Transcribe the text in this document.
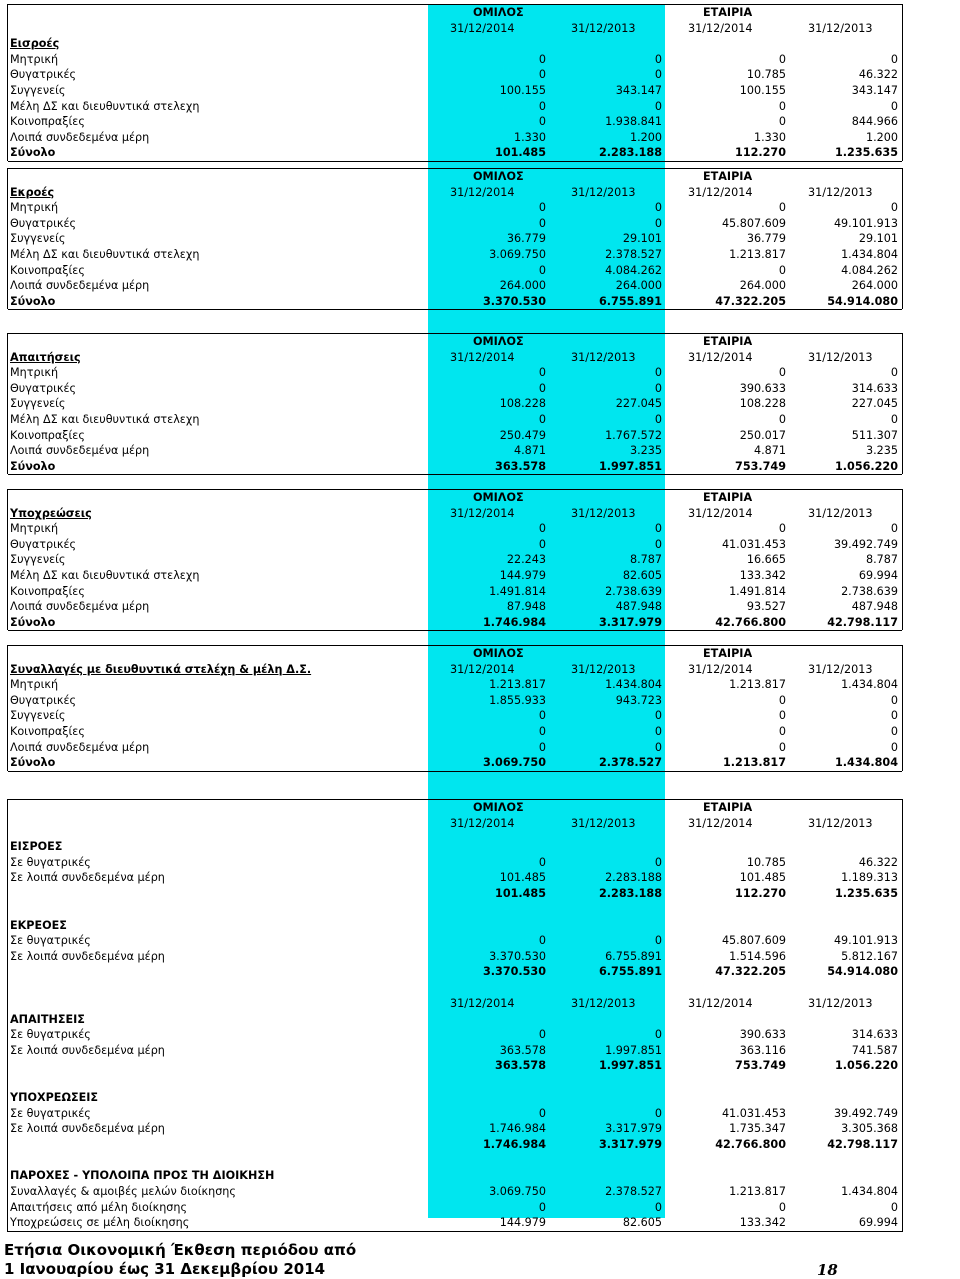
ΟΜΙΛΟΣ	ΕΤΑΙΡΙΑ
31/12/2014	31/12/2013	31/12/2014	31/12/2013
Εισροές
Μητρική	0	0	0	0
Θυγατρικές	0	0	10.785	46.322
Συγγενείς	100.155	343.147	100.155	343.147
Μέλη ΔΣ και διευθυντικά στελεχη	0	0	0	0
Κοινοπραξίες	0	1.938.841	0	844.966
Λοιπά συνδεδεμένα μέρη	1.330	1.200	1.330	1.200
Σύνολο	101.485	2.283.188	112.270	1.235.635
ΟΜΙΛΟΣ	ΕΤΑΙΡΙΑ
Εκροές	31/12/2014	31/12/2013	31/12/2014	31/12/2013
Μητρική	0	0	0	0
Θυγατρικές	0	0	45.807.609	49.101.913
Συγγενείς	36.779	29.101	36.779	29.101
Μέλη ΔΣ και διευθυντικά στελεχη	3.069.750	2.378.527	1.213.817	1.434.804
Κοινοπραξίες	0	4.084.262	0	4.084.262
Λοιπά συνδεδεμένα μέρη	264.000	264.000	264.000	264.000
Σύνολο	3.370.530	6.755.891	47.322.205	54.914.080
ΟΜΙΛΟΣ	ΕΤΑΙΡΙΑ
Απαιτήσεις	31/12/2014	31/12/2013	31/12/2014	31/12/2013
Μητρική	0	0	0	0
Θυγατρικές	0	0	390.633	314.633
Συγγενείς	108.228	227.045	108.228	227.045
Μέλη ΔΣ και διευθυντικά στελεχη	0	0	0	0
Κοινοπραξίες	250.479	1.767.572	250.017	511.307
Λοιπά συνδεδεμένα μέρη	4.871	3.235	4.871	3.235
Σύνολο	363.578	1.997.851	753.749	1.056.220
ΟΜΙΛΟΣ	ΕΤΑΙΡΙΑ
Υποχρεώσεις	31/12/2014	31/12/2013	31/12/2014	31/12/2013
Μητρική	0	0	0	0
Θυγατρικές	0	0	41.031.453	39.492.749
Συγγενείς	22.243	8.787	16.665	8.787
Μέλη ΔΣ και διευθυντικά στελεχη	144.979	82.605	133.342	69.994
Κοινοπραξίες	1.491.814	2.738.639	1.491.814	2.738.639
Λοιπά συνδεδεμένα μέρη	87.948	487.948	93.527	487.948
Σύνολο	1.746.984	3.317.979	42.766.800	42.798.117
ΟΜΙΛΟΣ	ΕΤΑΙΡΙΑ
Συναλλαγές με διευθυντικά στελέχη & μέλη Δ.Σ.	31/12/2014	31/12/2013	31/12/2014	31/12/2013
Μητρική	1.213.817	1.434.804	1.213.817	1.434.804
Θυγατρικές	1.855.933	943.723	0	0
Συγγενείς	0	0	0	0
Κοινοπραξίες	0	0	0	0
Λοιπά συνδεδεμένα μέρη	0	0	0	0
Σύνολο	3.069.750	2.378.527	1.213.817	1.434.804
ΟΜΙΛΟΣ	ΕΤΑΙΡΙΑ
31/12/2014	31/12/2013	31/12/2014	31/12/2013
ΕΙΣΡΟΕΣ
Σε θυγατρικές	0	0	10.785	46.322
Σε λοιπά συνδεδεμένα μέρη	101.485	2.283.188	101.485	1.189.313
101.485	2.283.188	112.270	1.235.635
ΕΚΡΕΟΕΣ
Σε θυγατρικές	0	0	45.807.609	49.101.913
Σε λοιπά συνδεδεμένα μέρη	3.370.530	6.755.891	1.514.596	5.812.167
3.370.530	6.755.891	47.322.205	54.914.080
31/12/2014	31/12/2013	31/12/2014	31/12/2013
ΑΠΑΙΤΗΣΕΙΣ
Σε θυγατρικές	0	0	390.633	314.633
Σε λοιπά συνδεδεμένα μέρη	363.578	1.997.851	363.116	741.587
363.578	1.997.851	753.749	1.056.220
ΥΠΟΧΡΕΩΣΕΙΣ
Σε θυγατρικές	0	0	41.031.453	39.492.749
Σε λοιπά συνδεδεμένα μέρη	1.746.984	3.317.979	1.735.347	3.305.368
1.746.984	3.317.979	42.766.800	42.798.117
ΠΑΡΟΧΕΣ - ΥΠΟΛΟΙΠΑ ΠΡΟΣ ΤΗ ΔΙΟΙΚΗΣΗ
Συναλλαγές & αμοιβές μελών διοίκησης	3.069.750	2.378.527	1.213.817	1.434.804
Απαιτήσεις από μέλη διοίκησης	0	0	0	0
Υποχρεώσεις σε μέλη διοίκησης	144.979	82.605	133.342	69.994
Ετήσια Οικονομική Έκθεση περιόδου από
1 Ιανουαρίου έως 31 Δεκεμβρίου 2014	18
